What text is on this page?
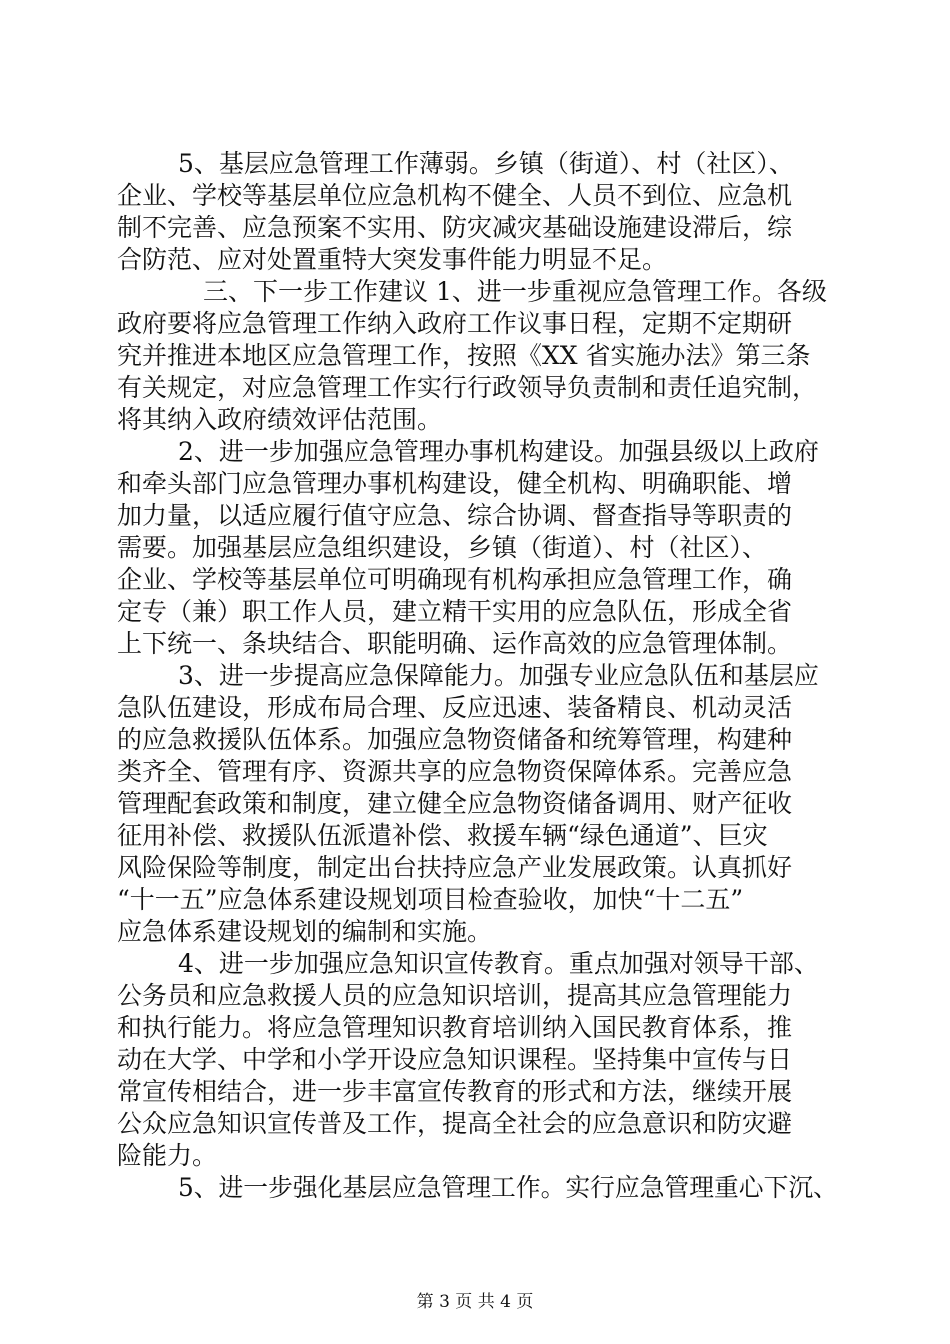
5、基层应急管理工作薄弱。乡镇（街道）、村（社区）、
企业、学校等基层单位应急机构不健全、人员不到位、应急机
制不完善、应急预案不实用、防灾减灾基础设施建设滞后，综
合防范、应对处置重特大突发事件能力明显不足。
三、下一步工作建议 1、进一步重视应急管理工作。各级
政府要将应急管理工作纳入政府工作议事日程，定期不定期研
究并推进本地区应急管理工作，按照《XX 省实施办法》第三条
有关规定，对应急管理工作实行行政领导负责制和责任追究制，
将其纳入政府绩效评估范围。
2、进一步加强应急管理办事机构建设。加强县级以上政府
和牵头部门应急管理办事机构建设，健全机构、明确职能、增
加力量，以适应履行值守应急、综合协调、督查指导等职责的
需要。加强基层应急组织建设，乡镇（街道）、村（社区）、
企业、学校等基层单位可明确现有机构承担应急管理工作，确
定专（兼）职工作人员，建立精干实用的应急队伍，形成全省
上下统一、条块结合、职能明确、运作高效的应急管理体制。
3、进一步提高应急保障能力。加强专业应急队伍和基层应
急队伍建设，形成布局合理、反应迅速、装备精良、机动灵活
的应急救援队伍体系。加强应急物资储备和统筹管理，构建种
类齐全、管理有序、资源共享的应急物资保障体系。完善应急
管理配套政策和制度，建立健全应急物资储备调用、财产征收
征用补偿、救援队伍派遣补偿、救援车辆“绿色通道”、巨灾
风险保险等制度，制定出台扶持应急产业发展政策。认真抓好
“十一五”应急体系建设规划项目检查验收，加快“十二五”
应急体系建设规划的编制和实施。
4、进一步加强应急知识宣传教育。重点加强对领导干部、
公务员和应急救援人员的应急知识培训，提高其应急管理能力
和执行能力。将应急管理知识教育培训纳入国民教育体系，推
动在大学、中学和小学开设应急知识课程。坚持集中宣传与日
常宣传相结合，进一步丰富宣传教育的形式和方法，继续开展
公众应急知识宣传普及工作，提高全社会的应急意识和防灾避
险能力。
5、进一步强化基层应急管理工作。实行应急管理重心下沉、
第 3 页 共 4 页
